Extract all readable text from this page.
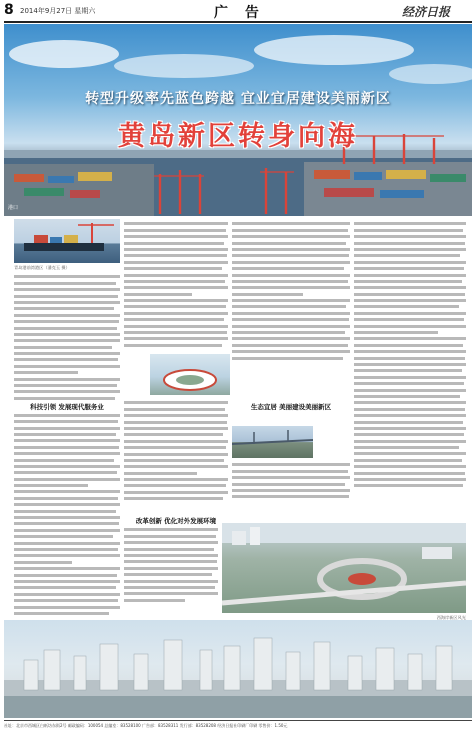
8 2014年9月27日 星期六	广 告	经济日报
转型升级率先蓝色跨越 宜业宜居建设美丽新区
黄岛新区转身向海
港口
青岛港前湾港区（潘克玉 摄）
科技引领 发展现代服务业	生态宜居 美丽建设美丽新区
改革创新 优化对外发展环境
西海岸新区风光
社址：北京市西城区白纸坊东街2号 邮政编码：100054 总编室：83528100 广告部：83528311 发行部：83528208 经济日报社印刷厂印刷 零售价：1.50元
